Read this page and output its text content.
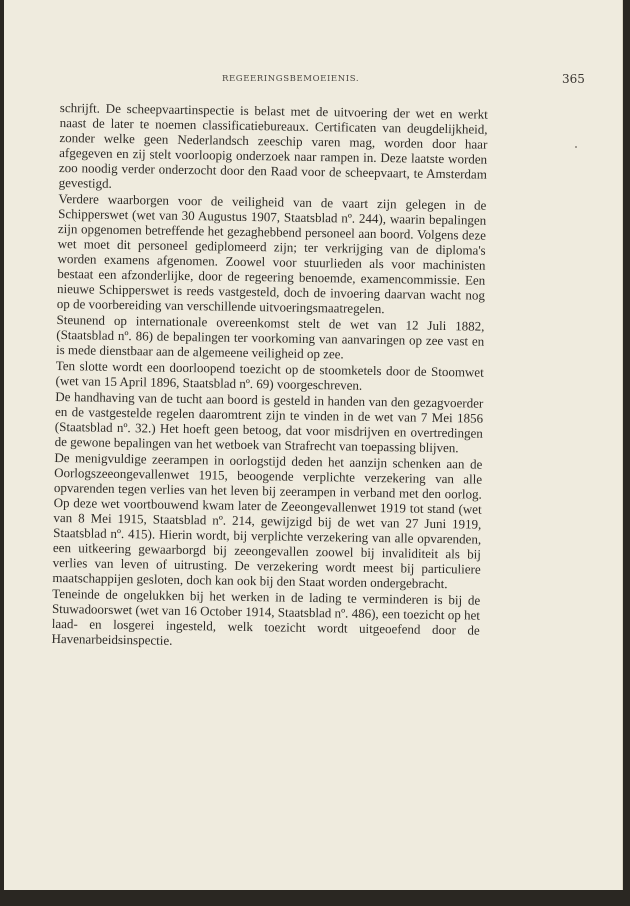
REGEERINGSBEMOEIENIS.	365

schrijft. De scheepvaartinspectie is belast met de uitvoering der wet en werkt naast de later te noemen classificatiebureaux. Certificaten van deugdelijkheid, zonder welke geen Nederlandsch zeeschip varen mag, worden door haar afgegeven en zij stelt voorloopig onderzoek naar rampen in. Deze laatste worden zoo noodig verder onderzocht door den Raad voor de scheepvaart, te Amsterdam gevestigd.

Verdere waarborgen voor de veiligheid van de vaart zijn gelegen in de Schipperswet (wet van 30 Augustus 1907, Staatsblad nº. 244), waarin bepalingen zijn opgenomen betreffende het gezaghebbend personeel aan boord. Volgens deze wet moet dit personeel gediplomeerd zijn; ter verkrijging van de diploma's worden examens afgenomen. Zoowel voor stuurlieden als voor machinisten bestaat een afzonderlijke, door de regeering benoemde, examencommissie. Een nieuwe Schipperswet is reeds vastgesteld, doch de invoering daarvan wacht nog op de voorbereiding van verschillende uitvoeringsmaatregelen.

Steunend op internationale overeenkomst stelt de wet van 12 Juli 1882, (Staatsblad nº. 86) de bepalingen ter voorkoming van aanvaringen op zee vast en is mede dienstbaar aan de algemeene veiligheid op zee.

Ten slotte wordt een doorloopend toezicht op de stoomketels door de Stoomwet (wet van 15 April 1896, Staatsblad nº. 69) voorgeschreven.

De handhaving van de tucht aan boord is gesteld in handen van den gezagvoerder en de vastgestelde regelen daaromtrent zijn te vinden in de wet van 7 Mei 1856 (Staatsblad nº. 32.) Het hoeft geen betoog, dat voor misdrijven en overtredingen de gewone bepalingen van het wetboek van Strafrecht van toepassing blijven.

De menigvuldige zeerampen in oorlogstijd deden het aanzijn schenken aan de Oorlogszeeongevallenwet 1915, beoogende verplichte verzekering van alle opvarenden tegen verlies van het leven bij zeerampen in verband met den oorlog. Op deze wet voortbouwend kwam later de Zeeongevallenwet 1919 tot stand (wet van 8 Mei 1915, Staatsblad nº. 214, gewijzigd bij de wet van 27 Juni 1919, Staatsblad nº. 415). Hierin wordt, bij verplichte verzekering van alle opvarenden, een uitkeering gewaarborgd bij zeeongevallen zoowel bij invaliditeit als bij verlies van leven of uitrusting. De verzekering wordt meest bij particuliere maatschappijen gesloten, doch kan ook bij den Staat worden ondergebracht.

Teneinde de ongelukken bij het werken in de lading te verminderen is bij de Stuwadoorswet (wet van 16 October 1914, Staatsblad nº. 486), een toezicht op het laad- en losgerei ingesteld, welk toezicht wordt uitgeoefend door de Havenarbeidsinspectie.
